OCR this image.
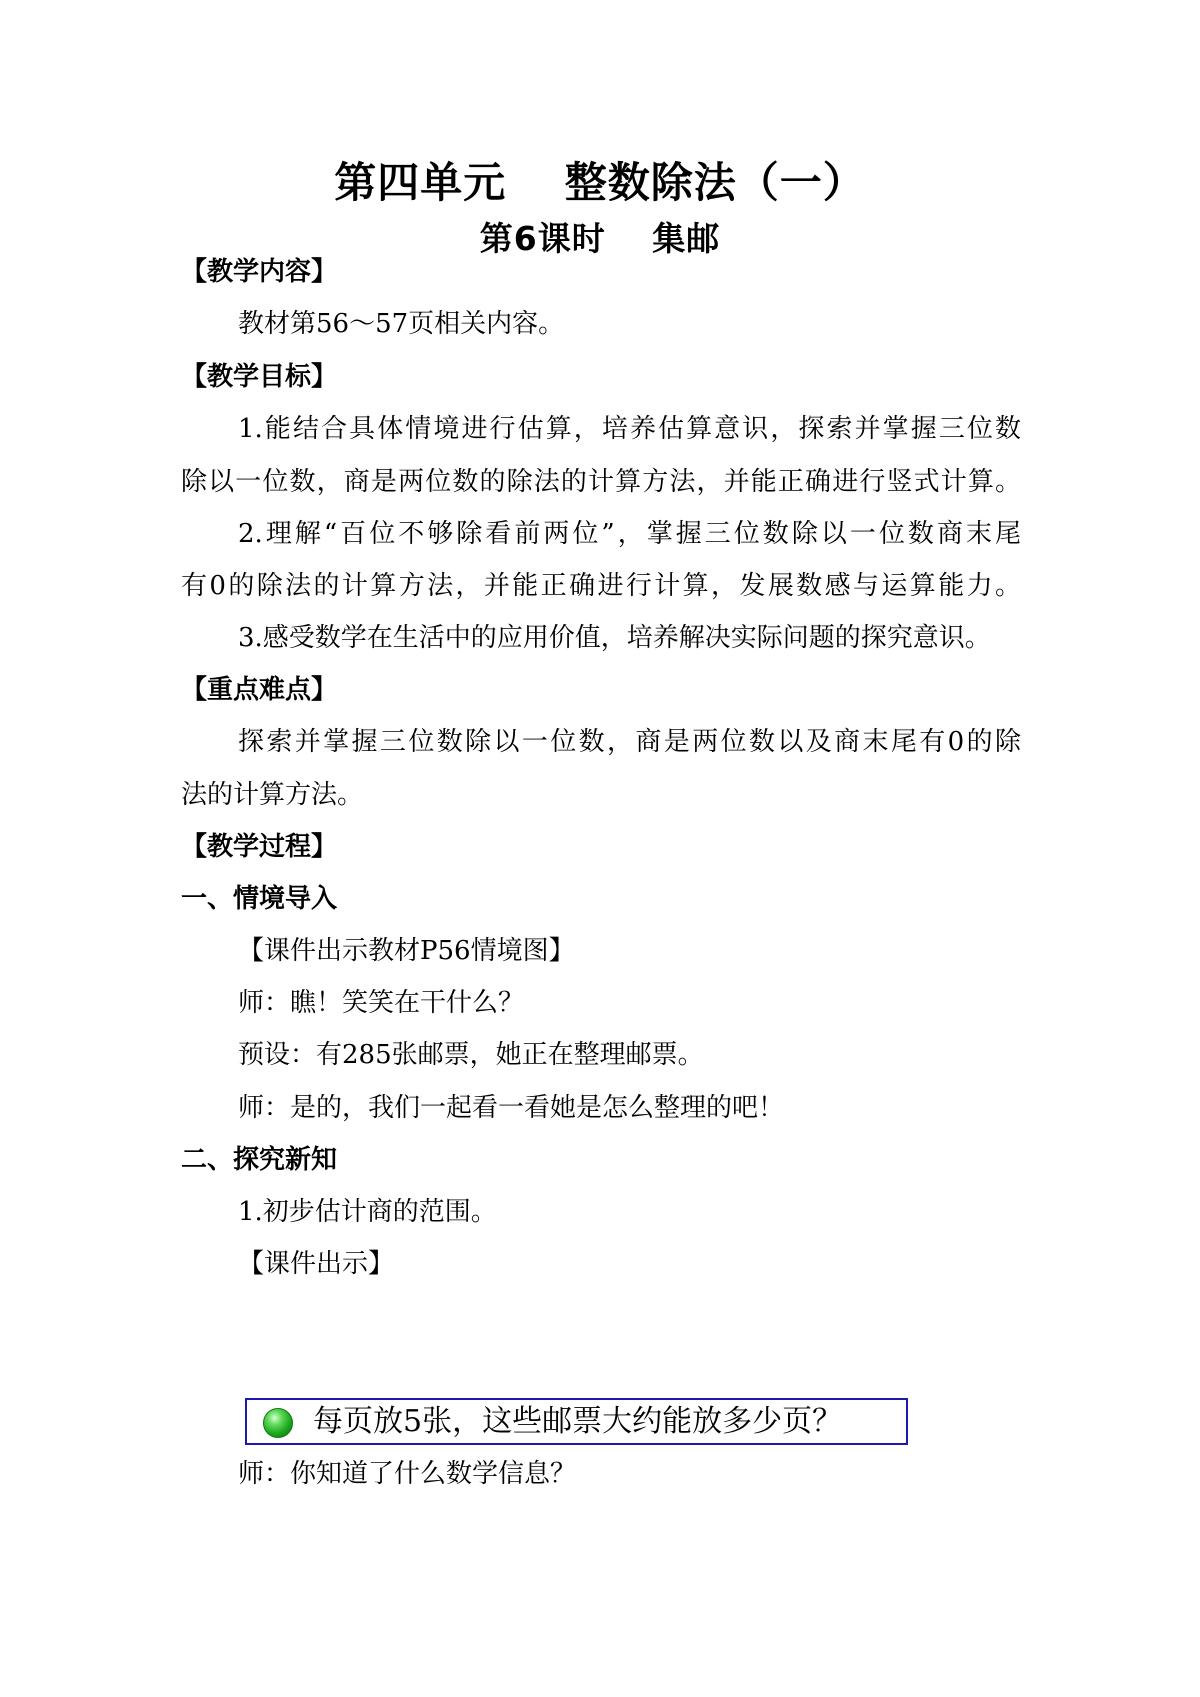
第四单元　 整数除法（一）
第6课时　 集邮
【教学内容】
教材第56～57页相关内容。
【教学目标】
1.能结合具体情境进行估算，培养估算意识，探索并掌握三位数
除以一位数，商是两位数的除法的计算方法，并能正确进行竖式计算。
2.理解“百位不够除看前两位”，掌握三位数除以一位数商末尾
有0的除法的计算方法，并能正确进行计算，发展数感与运算能力。
3.感受数学在生活中的应用价值，培养解决实际问题的探究意识。
【重点难点】
探索并掌握三位数除以一位数，商是两位数以及商末尾有0的除
法的计算方法。
【教学过程】
一、情境导入
【课件出示教材P56情境图】
师：瞧！笑笑在干什么？
预设：有285张邮票，她正在整理邮票。
师：是的，我们一起看一看她是怎么整理的吧！
二、探究新知
1.初步估计商的范围。
【课件出示】
每页放5张，这些邮票大约能放多少页？
师：你知道了什么数学信息？
